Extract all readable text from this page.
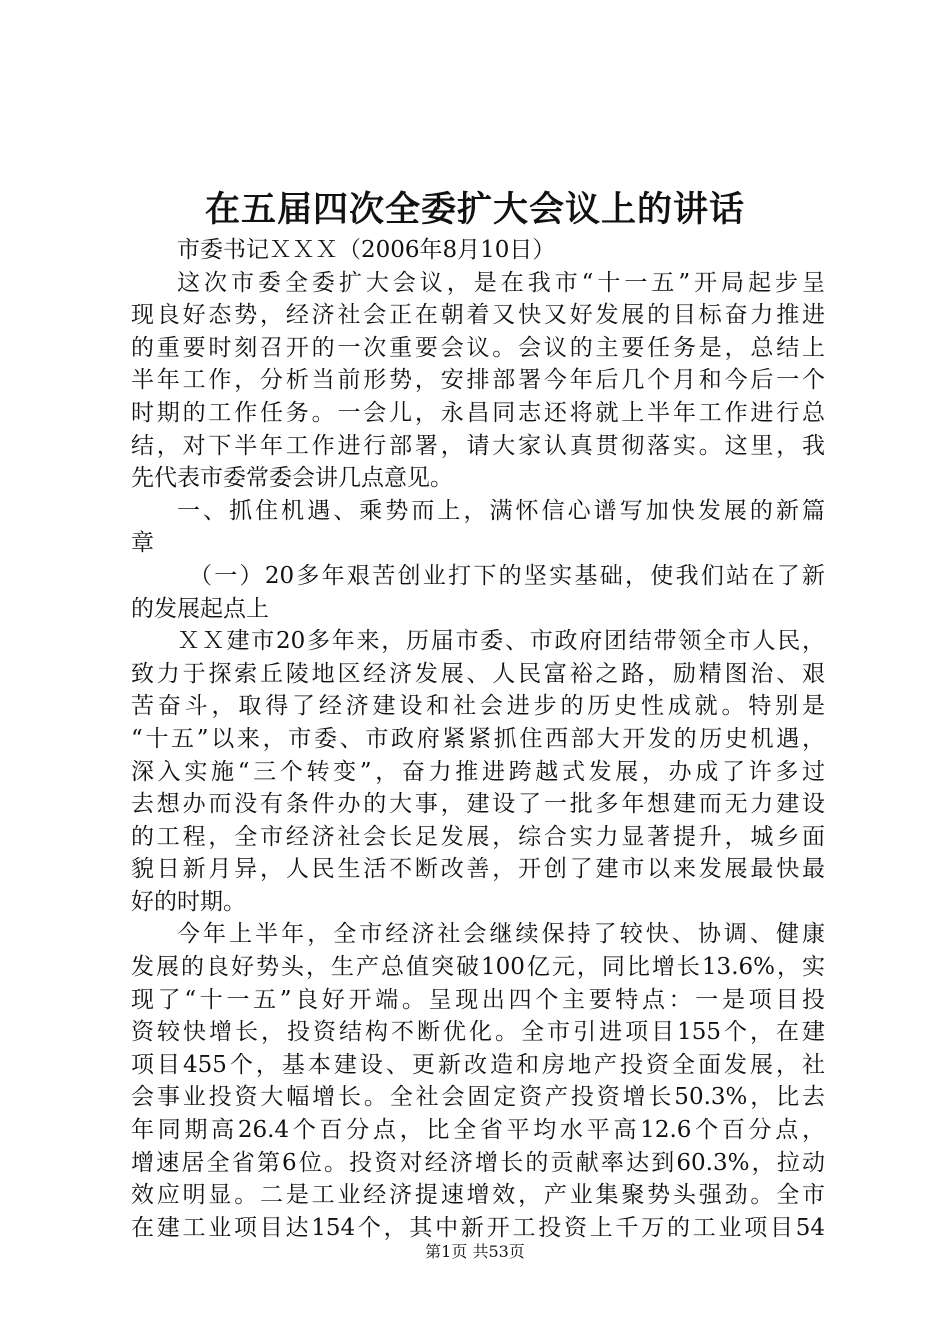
在五届四次全委扩大会议上的讲话

市委书记ＸＸＸ（2006年8月10日）

这次市委全委扩大会议，是在我市“十一五”开局起步呈

现良好态势，经济社会正在朝着又快又好发展的目标奋力推进

的重要时刻召开的一次重要会议。会议的主要任务是，总结上

半年工作，分析当前形势，安排部署今年后几个月和今后一个

时期的工作任务。一会儿，永昌同志还将就上半年工作进行总

结，对下半年工作进行部署，请大家认真贯彻落实。这里，我

先代表市委常委会讲几点意见。

一、抓住机遇、乘势而上，满怀信心谱写加快发展的新篇

章

（一）20多年艰苦创业打下的坚实基础，使我们站在了新

的发展起点上

ＸＸ建市20多年来，历届市委、市政府团结带领全市人民，

致力于探索丘陵地区经济发展、人民富裕之路，励精图治、艰

苦奋斗，取得了经济建设和社会进步的历史性成就。特别是

“十五”以来，市委、市政府紧紧抓住西部大开发的历史机遇，

深入实施“三个转变”，奋力推进跨越式发展，办成了许多过

去想办而没有条件办的大事，建设了一批多年想建而无力建设

的工程，全市经济社会长足发展，综合实力显著提升，城乡面

貌日新月异，人民生活不断改善，开创了建市以来发展最快最

好的时期。

今年上半年，全市经济社会继续保持了较快、协调、健康

发展的良好势头，生产总值突破100亿元，同比增长13.6%，实

现了“十一五”良好开端。呈现出四个主要特点：一是项目投

资较快增长，投资结构不断优化。全市引进项目155个，在建

项目455个，基本建设、更新改造和房地产投资全面发展，社

会事业投资大幅增长。全社会固定资产投资增长50.3%，比去

年同期高26.4个百分点，比全省平均水平高12.6个百分点，

增速居全省第6位。投资对经济增长的贡献率达到60.3%，拉动

效应明显。二是工业经济提速增效，产业集聚势头强劲。全市

在建工业项目达154个，其中新开工投资上千万的工业项目54

第1页 共53页
